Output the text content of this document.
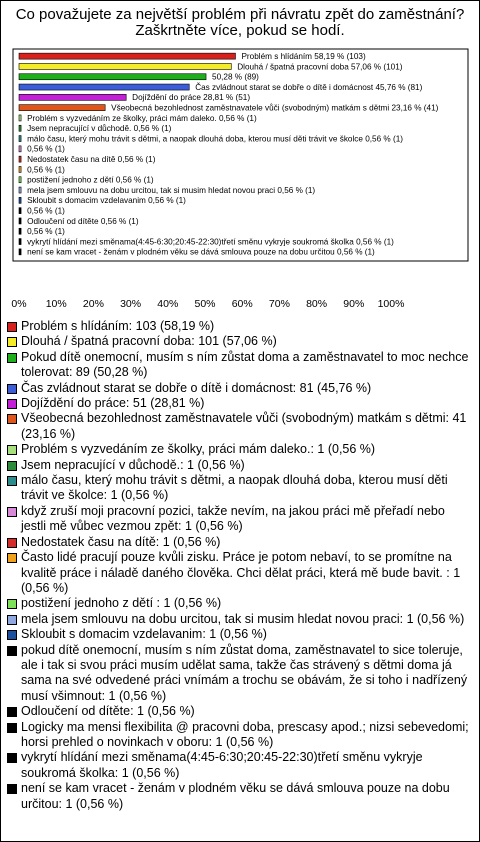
Co považujete za největší problém při návratu zpět do zaměstnání?
Zaškrtněte více, pokud se hodí.
Problém s hlídáním 58,19 % (103)
Dlouhá / špatná pracovní doba 57,06 % (101)
50,28 % (89)
Čas zvládnout starat se dobře o dítě i domácnost 45,76 % (81)
Dojíždění do práce 28,81 % (51)
Všeobecná bezohlednost zaměstnavatele vůči (svobodným) matkám s dětmi 23,16 % (41)
Problém s vyzvedáním ze školky, práci mám daleko. 0,56 % (1)
Jsem nepracující v důchodě. 0,56 % (1)
málo času, který mohu trávit s dětmi, a naopak dlouhá doba, kterou musí děti trávit ve školce 0,56 % (1)
0,56 % (1)
Nedostatek času na dítě 0,56 % (1)
0,56 % (1)
postižení jednoho z dětí 0,56 % (1)
mela jsem smlouvu na dobu urcitou, tak si musim hledat novou praci 0,56 % (1)
Skloubit s domacim vzdelavanim 0,56 % (1)
0,56 % (1)
Odloučení od dítěte 0,56 % (1)
0,56 % (1)
vykrytí hlídání mezi směnama(4:45-6:30;20:45-22:30)třetí směnu vykryje soukromá školka 0,56 % (1)
není se kam vracet - ženám v plodném věku se dává smlouva pouze na dobu určitou 0,56 % (1)
0% 10% 20% 30% 40% 50% 60% 70% 80% 90% 100%
Problém s hlídáním: 103 (58,19 %)
Dlouhá / špatná pracovní doba: 101 (57,06 %)
Pokud dítě onemocní, musím s ním zůstat doma a zaměstnavatel to moc nechce tolerovat: 89 (50,28 %)
Čas zvládnout starat se dobře o dítě i domácnost: 81 (45,76 %)
Dojíždění do práce: 51 (28,81 %)
Všeobecná bezohlednost zaměstnavatele vůči (svobodným) matkám s dětmi: 41 (23,16 %)
Problém s vyzvedáním ze školky, práci mám daleko.: 1 (0,56 %)
Jsem nepracující v důchodě.: 1 (0,56 %)
málo času, který mohu trávit s dětmi, a naopak dlouhá doba, kterou musí děti trávit ve školce: 1 (0,56 %)
když zruší moji pracovní pozici, takže nevím, na jakou práci mě přeřadí nebo jestli mě vůbec vezmou zpět: 1 (0,56 %)
Nedostatek času na dítě: 1 (0,56 %)
Často lidé pracují pouze kvůli zisku. Práce je potom nebaví, to se promítne na kvalitě práce i náladě daného člověka. Chci dělat práci, která mě bude bavit. : 1 (0,56 %)
postižení jednoho z dětí : 1 (0,56 %)
mela jsem smlouvu na dobu urcitou, tak si musim hledat novou praci: 1 (0,56 %)
Skloubit s domacim vzdelavanim: 1 (0,56 %)
pokud dítě onemocní, musím s ním zůstat doma, zaměstnavatel to sice toleruje, ale i tak si svou práci musím udělat sama, takže čas strávený s dětmi doma já sama na své odvedené práci vnímám a trochu se obávám, že si toho i nadřízený musí všimnout: 1 (0,56 %)
Odloučení od dítěte: 1 (0,56 %)
Logicky ma mensi flexibilita @ pracovni doba, prescasy apod.; nizsi sebevedomi; horsi prehled o novinkach v oboru: 1 (0,56 %)
vykrytí hlídání mezi směnama(4:45-6:30;20:45-22:30)třetí směnu vykryje soukromá školka: 1 (0,56 %)
není se kam vracet - ženám v plodném věku se dává smlouva pouze na dobu určitou: 1 (0,56 %)
